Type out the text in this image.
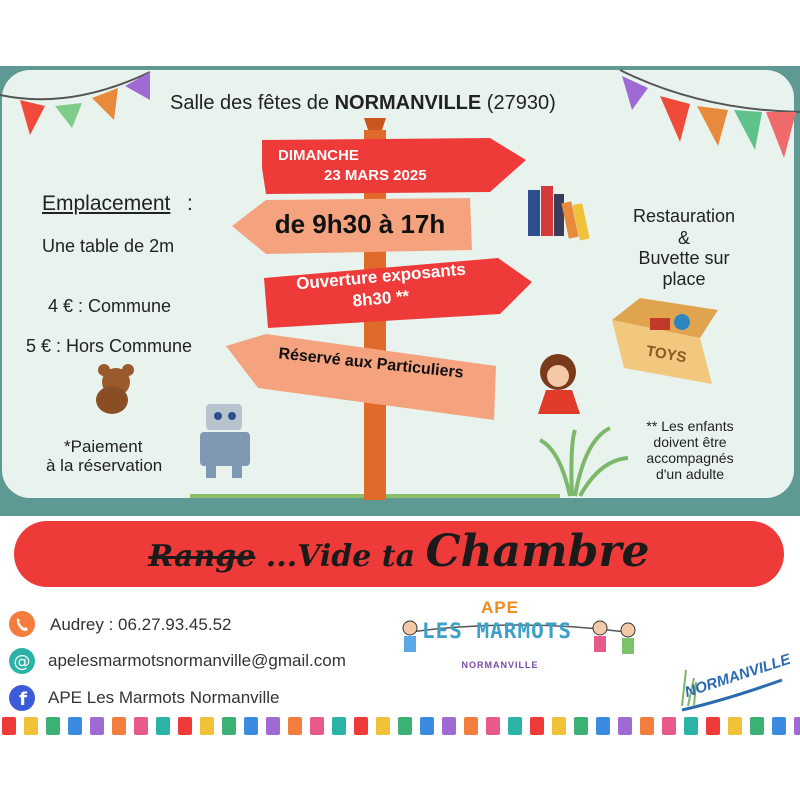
Salle des fêtes de NORMANVILLE (27930)
DIMANCHE
23 MARS 2025
de 9h30 à 17h
Ouverture exposants
8h30 **
Réservé aux Particuliers
Emplacement :
Une table de 2m
4 € : Commune
5 € : Hors Commune
*Paiement
à la réservation
Restauration
&
Buvette sur
place
TOYS
** Les enfants
doivent être
accompagnés
d'un adulte
Range ...Vide ta Chambre
Audrey : 06.27.93.45.52
@ apelesmarmotsnormanville@gmail.com
f APE Les Marmots Normanville
APE
LES MARMOTS
NORMANVILLE	NORMANVILLE
